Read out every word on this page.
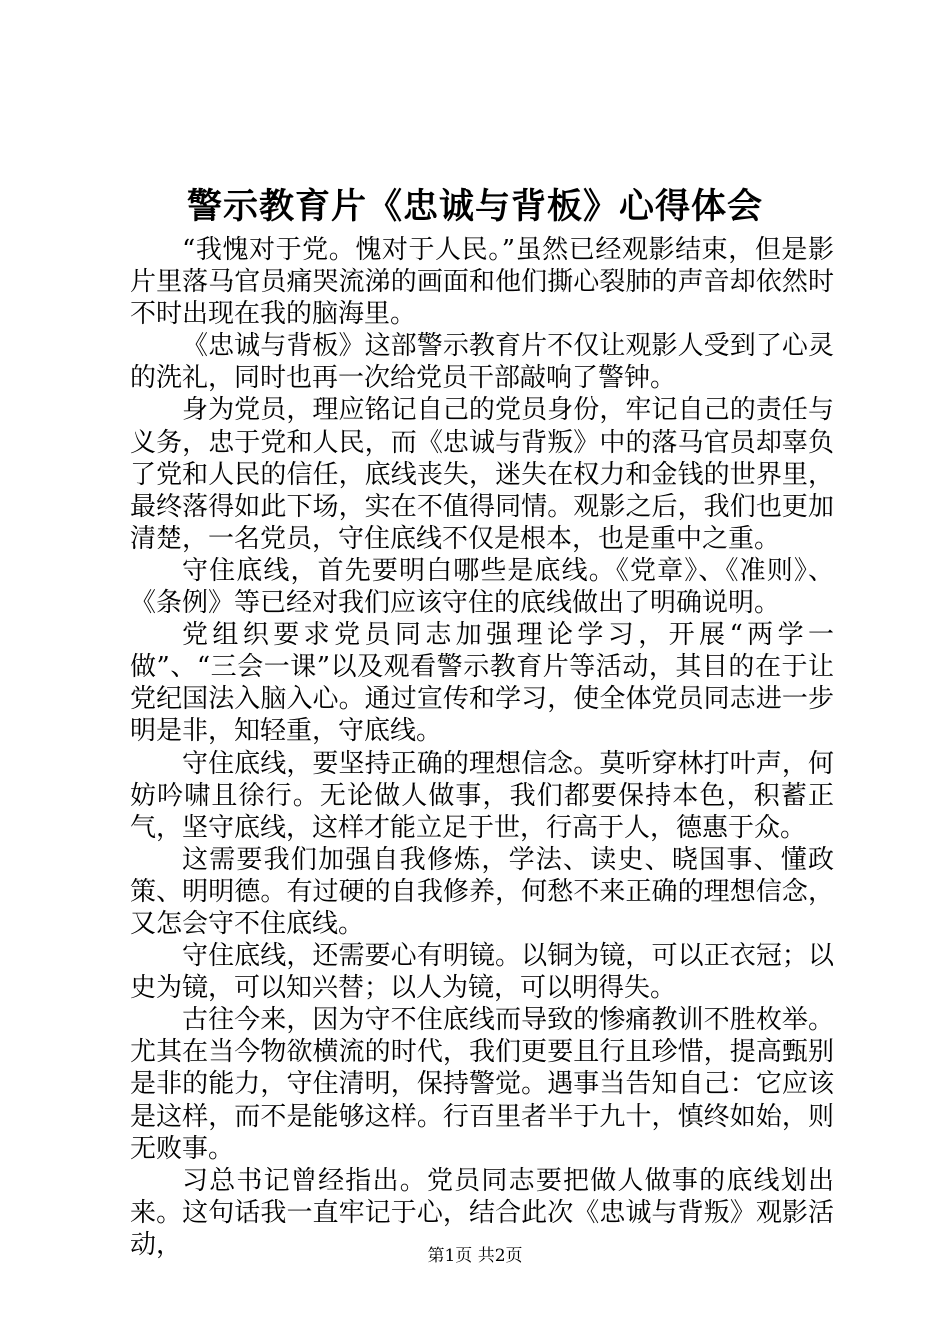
警示教育片《忠诚与背板》心得体会

“我愧对于党。愧对于人民。”虽然已经观影结束，但是影片里落马官员痛哭流涕的画面和他们撕心裂肺的声音却依然时不时出现在我的脑海里。

《忠诚与背板》这部警示教育片不仅让观影人受到了心灵的洗礼，同时也再一次给党员干部敲响了警钟。

身为党员，理应铭记自己的党员身份，牢记自己的责任与义务，忠于党和人民，而《忠诚与背叛》中的落马官员却辜负了党和人民的信任，底线丧失，迷失在权力和金钱的世界里，最终落得如此下场，实在不值得同情。观影之后，我们也更加清楚，一名党员，守住底线不仅是根本，也是重中之重。

守住底线，首先要明白哪些是底线。《党章》、《准则》、《条例》等已经对我们应该守住的底线做出了明确说明。

党组织要求党员同志加强理论学习，开展“两学一做”、“三会一课”以及观看警示教育片等活动，其目的在于让党纪国法入脑入心。通过宣传和学习，使全体党员同志进一步明是非，知轻重，守底线。

守住底线，要坚持正确的理想信念。莫听穿林打叶声，何妨吟啸且徐行。无论做人做事，我们都要保持本色，积蓄正气，坚守底线，这样才能立足于世，行高于人，德惠于众。

这需要我们加强自我修炼，学法、读史、晓国事、懂政策、明明德。有过硬的自我修养，何愁不来正确的理想信念，又怎会守不住底线。

守住底线，还需要心有明镜。以铜为镜，可以正衣冠；以史为镜，可以知兴替；以人为镜，可以明得失。

古往今来，因为守不住底线而导致的惨痛教训不胜枚举。尤其在当今物欲横流的时代，我们更要且行且珍惜，提高甄别是非的能力，守住清明，保持警觉。遇事当告知自己：它应该是这样，而不是能够这样。行百里者半于九十，慎终如始，则无败事。

习总书记曾经指出。党员同志要把做人做事的底线划出来。这句话我一直牢记于心，结合此次《忠诚与背叛》观影活动，	第1页 共2页
